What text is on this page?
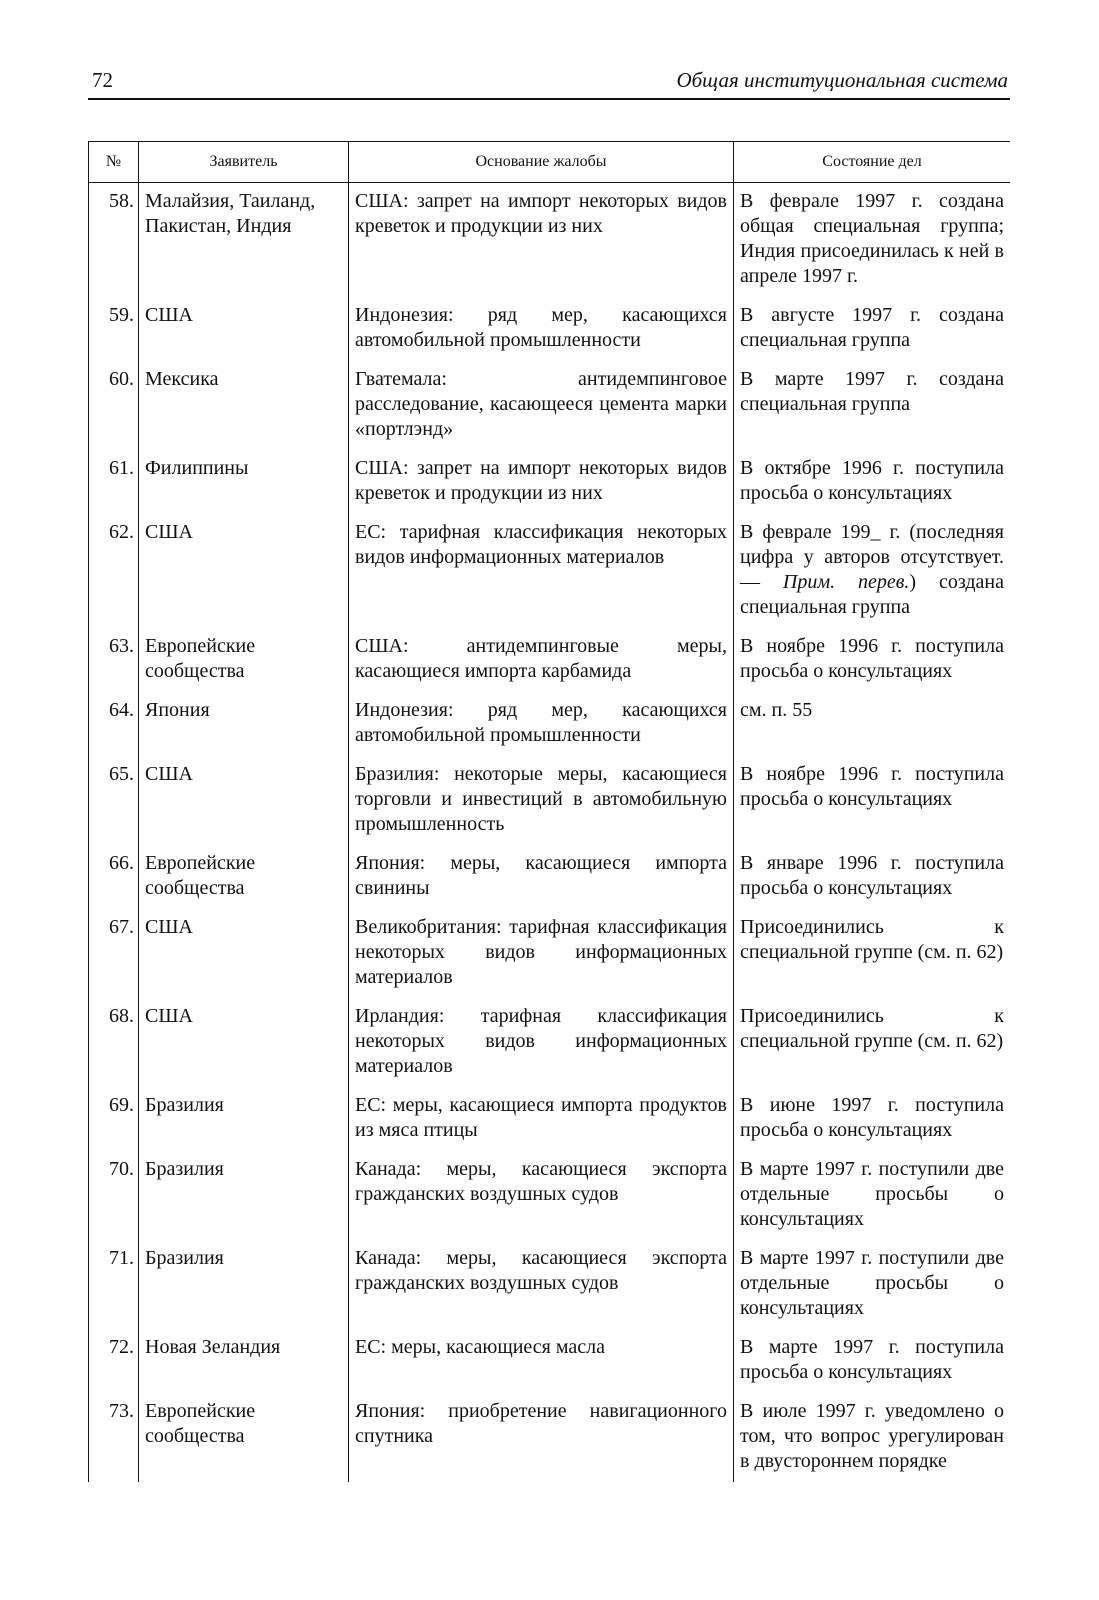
72	Общая институциональная система
№	Заявитель	Основание жалобы	Состояние дел
58.	Малайзия, Таиланд, Пакистан, Индия	США: запрет на импорт некоторых видов креветок и продукции из них	В феврале 1997 г. создана общая специальная группа; Индия присоединилась к ней в апреле 1997 г.
59.	США	Индонезия: ряд мер, касающихся автомобильной промышленности	В августе 1997 г. создана специальная группа
60.	Мексика	Гватемала: антидемпинговое расследование, касающееся цемента марки «портлэнд»	В марте 1997 г. создана специальная группа
61.	Филиппины	США: запрет на импорт некоторых видов креветок и продукции из них	В октябре 1996 г. поступила просьба о консультациях
62.	США	ЕС: тарифная классификация некоторых видов информационных материалов	В феврале 199_ г. (последняя цифра у авторов отсутствует. — Прим. перев.) создана специальная группа
63.	Европейские сообщества	США: антидемпинговые меры, касающиеся импорта карбамида	В ноябре 1996 г. поступила просьба о консультациях
64.	Япония	Индонезия: ряд мер, касающихся автомобильной промышленности	см. п. 55
65.	США	Бразилия: некоторые меры, касающиеся торговли и инвестиций в автомобильную промышленность	В ноябре 1996 г. поступила просьба о консультациях
66.	Европейские сообщества	Япония: меры, касающиеся импорта свинины	В январе 1996 г. поступила просьба о консультациях
67.	США	Великобритания: тарифная классификация некоторых видов информационных материалов	Присоединились к специальной группе (см. п. 62)
68.	США	Ирландия: тарифная классификация некоторых видов информационных материалов	Присоединились к специальной группе (см. п. 62)
69.	Бразилия	ЕС: меры, касающиеся импорта продуктов из мяса птицы	В июне 1997 г. поступила просьба о консультациях
70.	Бразилия	Канада: меры, касающиеся экспорта гражданских воздушных судов	В марте 1997 г. поступили две отдельные просьбы о консультациях
71.	Бразилия	Канада: меры, касающиеся экспорта гражданских воздушных судов	В марте 1997 г. поступили две отдельные просьбы о консультациях
72.	Новая Зеландия	ЕС: меры, касающиеся масла	В марте 1997 г. поступила просьба о консультациях
73.	Европейские сообщества	Япония: приобретение навигационного спутника	В июле 1997 г. уведомлено о том, что вопрос урегулирован в двустороннем порядке
